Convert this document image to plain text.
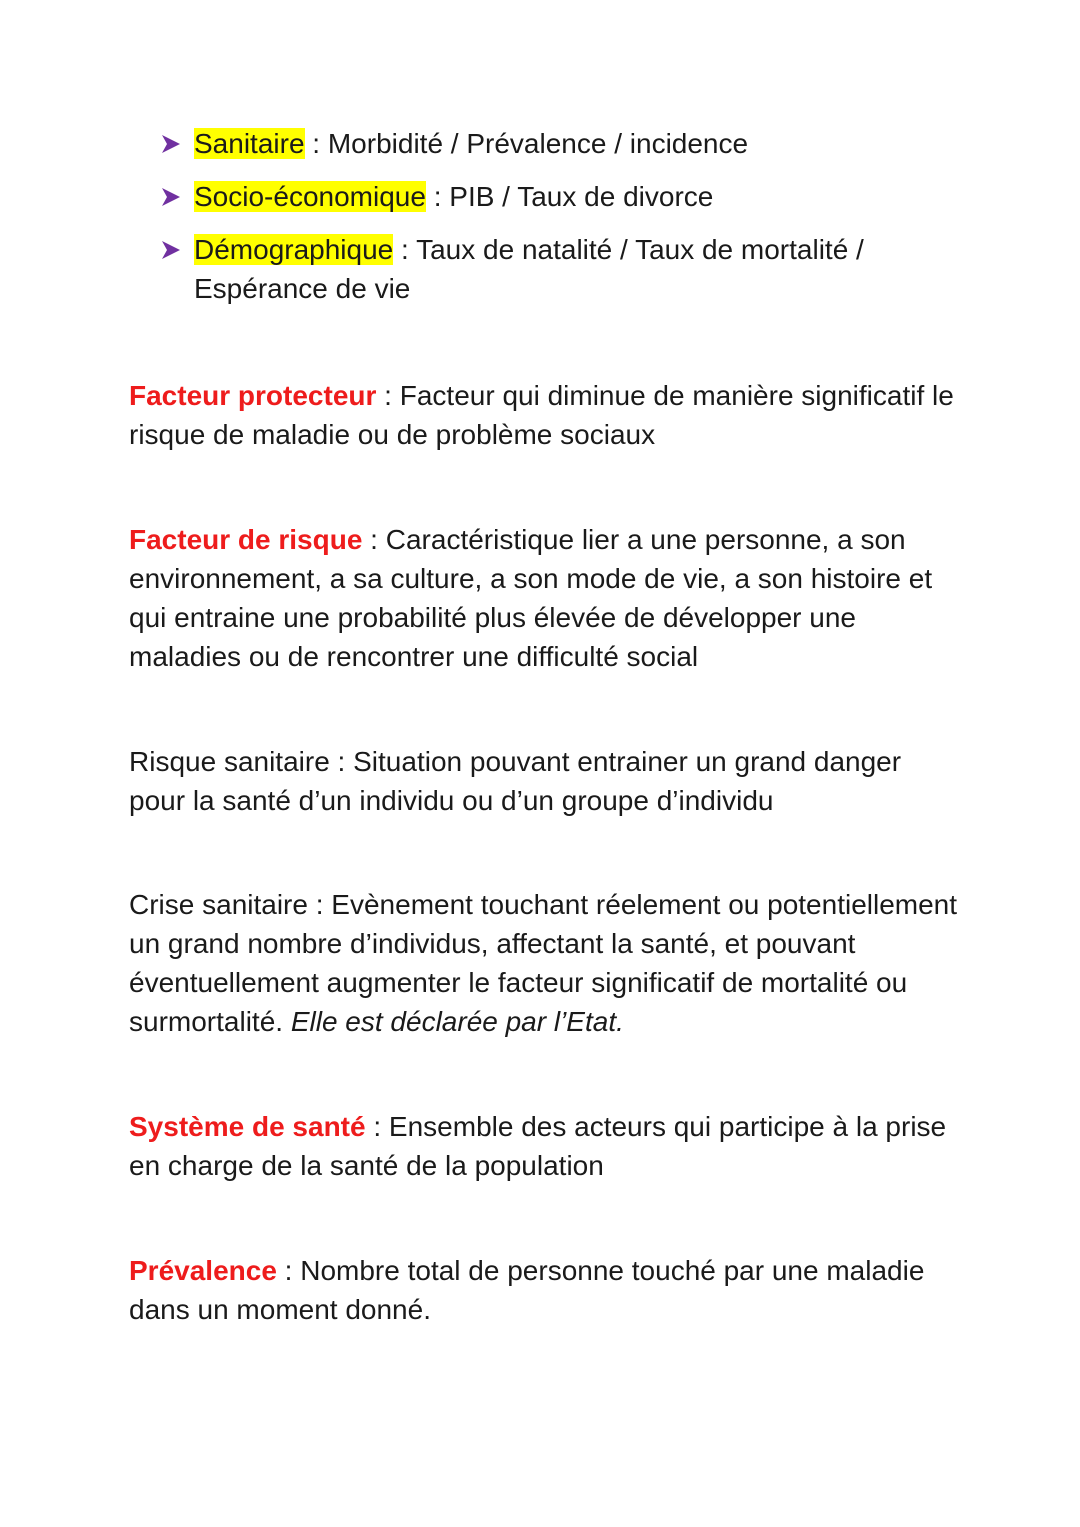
Sanitaire : Morbidité / Prévalence / incidence
Socio-économique : PIB / Taux de divorce
Démographique : Taux de natalité / Taux de mortalité / Espérance de vie

Facteur protecteur : Facteur qui diminue de manière significatif le risque de maladie ou de problème sociaux

Facteur de risque : Caractéristique lier a une personne, a son environnement, a sa culture, a son mode de vie, a son histoire et qui entraine une probabilité plus élevée de développer une maladies ou de rencontrer une difficulté social

Risque sanitaire : Situation pouvant entrainer un grand danger pour la santé d’un individu ou d’un groupe d’individu

Crise sanitaire : Evènement touchant réelement ou potentiellement un grand nombre d’individus, affectant la santé, et pouvant éventuellement augmenter le facteur significatif de mortalité ou surmortalité. Elle est déclarée par l’Etat.

Système de santé : Ensemble des acteurs qui participe à la prise en charge de la santé de la population

Prévalence : Nombre total de personne touché par une maladie dans un moment donné.
